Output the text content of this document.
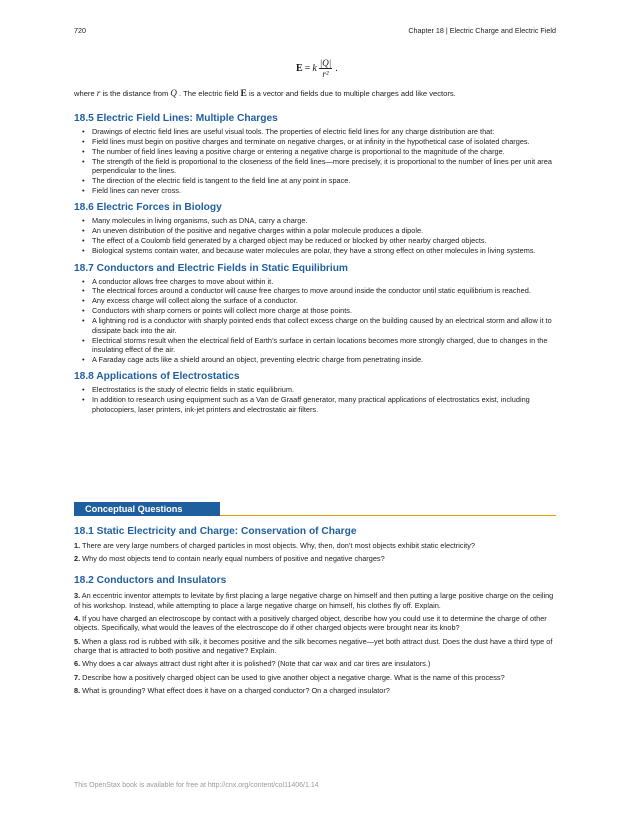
720	Chapter 18 | Electric Charge and Electric Field
E = k $\frac{|Q|}{\text{r²}}$ .
where r is the distance from Q . The electric field E is a vector and fields due to multiple charges add like vectors.
18.5 Electric Field Lines: Multiple Charges
• Drawings of electric field lines are useful visual tools. The properties of electric field lines for any charge distribution are that:
• Field lines must begin on positive charges and terminate on negative charges, or at infinity in the hypothetical case of isolated charges.
• The number of field lines leaving a positive charge or entering a negative charge is proportional to the magnitude of the charge.
• The strength of the field is proportional to the closeness of the field lines—more precisely, it is proportional to the number of lines per unit area perpendicular to the lines.
• The direction of the electric field is tangent to the field line at any point in space.
• Field lines can never cross.
18.6 Electric Forces in Biology
• Many molecules in living organisms, such as DNA, carry a charge.
• An uneven distribution of the positive and negative charges within a polar molecule produces a dipole.
• The effect of a Coulomb field generated by a charged object may be reduced or blocked by other nearby charged objects.
• Biological systems contain water, and because water molecules are polar, they have a strong effect on other molecules in living systems.
18.7 Conductors and Electric Fields in Static Equilibrium
• A conductor allows free charges to move about within it.
• The electrical forces around a conductor will cause free charges to move around inside the conductor until static equilibrium is reached.
• Any excess charge will collect along the surface of a conductor.
• Conductors with sharp corners or points will collect more charge at those points.
• A lightning rod is a conductor with sharply pointed ends that collect excess charge on the building caused by an electrical storm and allow it to dissipate back into the air.
• Electrical storms result when the electrical field of Earth’s surface in certain locations becomes more strongly charged, due to changes in the insulating effect of the air.
• A Faraday cage acts like a shield around an object, preventing electric charge from penetrating inside.
18.8 Applications of Electrostatics
• Electrostatics is the study of electric fields in static equilibrium.
• In addition to research using equipment such as a Van de Graaff generator, many practical applications of electrostatics exist, including photocopiers, laser printers, ink-jet printers and electrostatic air filters.
Conceptual Questions
18.1 Static Electricity and Charge: Conservation of Charge

1. There are very large numbers of charged particles in most objects. Why, then, don’t most objects exhibit static electricity?

2. Why do most objects tend to contain nearly equal numbers of positive and negative charges?

18.2 Conductors and Insulators

3. An eccentric inventor attempts to levitate by first placing a large negative charge on himself and then putting a large positive charge on the ceiling of his workshop. Instead, while attempting to place a large negative charge on himself, his clothes fly off. Explain.

4. If you have charged an electroscope by contact with a positively charged object, describe how you could use it to determine the charge of other objects. Specifically, what would the leaves of the electroscope do if other charged objects were brought near its knob?

5. When a glass rod is rubbed with silk, it becomes positive and the silk becomes negative—yet both attract dust. Does the dust have a third type of charge that is attracted to both positive and negative? Explain.

6. Why does a car always attract dust right after it is polished? (Note that car wax and car tires are insulators.)

7. Describe how a positively charged object can be used to give another object a negative charge. What is the name of this process?

8. What is grounding? What effect does it have on a charged conductor? On a charged insulator?

This OpenStax book is available for free at http://cnx.org/content/col11406/1.14
